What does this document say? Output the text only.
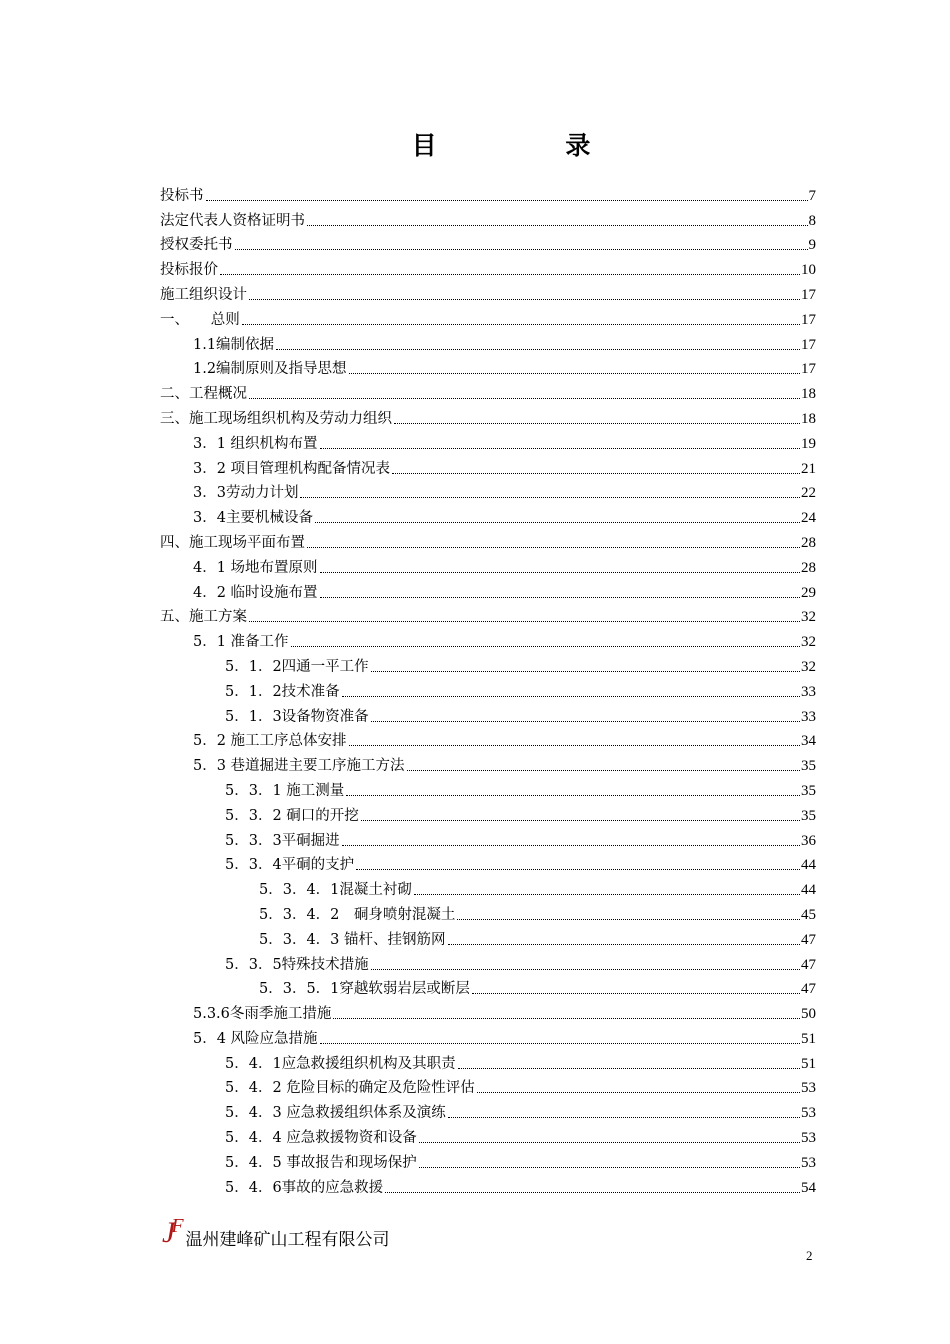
目 录
投标书	7
法定代表人资格证明书	8
授权委托书	9
投标报价	10
施工组织设计	17
一、　　总则	17
1.1编制依据	17
1.2编制原则及指导思想	17
二、工程概况	18
三、施工现场组织机构及劳动力组织	18
3．1 组织机构布置	19
3．2 项目管理机构配备情况表	21
3．3劳动力计划	22
3．4主要机械设备	24
四、施工现场平面布置	28
4．1 场地布置原则	28
4．2 临时设施布置	29
五、施工方案	32
5．1 准备工作	32
5．1．2四通一平工作	32
5．1．2技术准备	33
5．1．3设备物资准备	33
5．2 施工工序总体安排	34
5．3 巷道掘进主要工序施工方法	35
5．3．1 施工测量	35
5．3．2 硐口的开挖	35
5．3．3平硐掘进	36
5．3．4平硐的支护	44
5．3．4．1混凝土衬砌	44
5．3．4．2　硐身喷射混凝土	45
5．3．4．3 锚杆、挂钢筋网	47
5．3．5特殊技术措施	47
5．3．5．1穿越软弱岩层或断层	47
5.3.6冬雨季施工措施	50
5．4 风险应急措施	51
5．4．1应急救援组织机构及其职责	51
5．4．2 危险目标的确定及危险性评估	53
5．4．3 应急救援组织体系及演练	53
5．4．4 应急救援物资和设备	53
5．4．5 事故报告和现场保护	53
5．4．6事故的应急救援	54
$J^F$
温州建峰矿山工程有限公司
2
